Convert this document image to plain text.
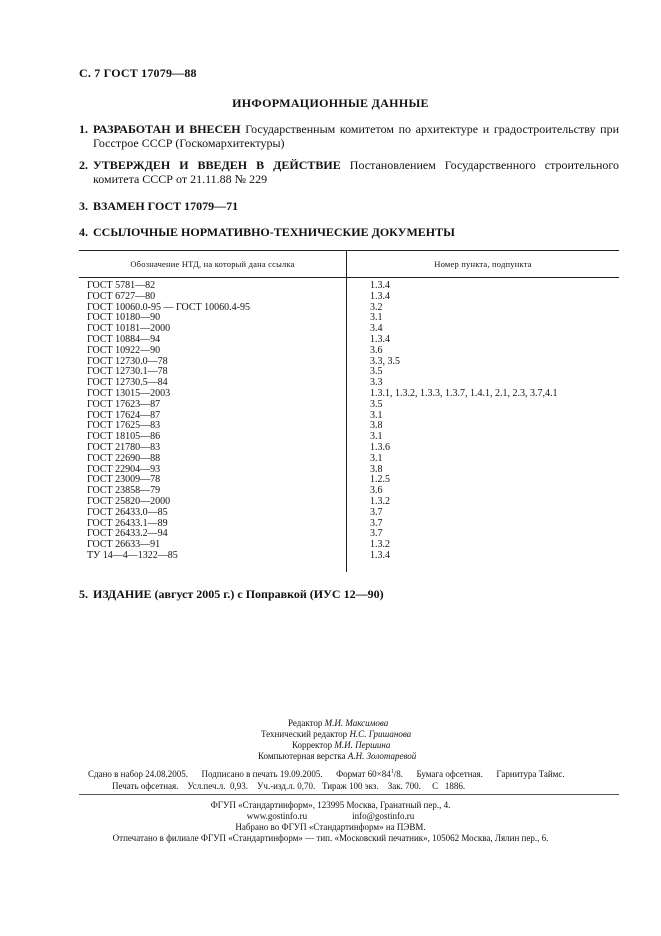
С. 7 ГОСТ 17079—88
ИНФОРМАЦИОННЫЕ ДАННЫЕ
1. РАЗРАБОТАН И ВНЕСЕН Государственным комитетом по архитектуре и градостроительству при Госстрое СССР (Госкомархитектуры)
2. УТВЕРЖДЕН И ВВЕДЕН В ДЕЙСТВИЕ Постановлением Государственного строительного комитета СССР от 21.11.88 № 229
3. ВЗАМЕН ГОСТ 17079—71
4. ССЫЛОЧНЫЕ НОРМАТИВНО-ТЕХНИЧЕСКИЕ ДОКУМЕНТЫ
Обозначение НТД, на который дана ссылка	Номер пункта, подпункта
ГОСТ 5781—82	1.3.4
ГОСТ 6727—80	1.3.4
ГОСТ 10060.0-95 — ГОСТ 10060.4-95	3.2
ГОСТ 10180—90	3.1
ГОСТ 10181—2000	3.4
ГОСТ 10884—94	1.3.4
ГОСТ 10922—90	3.6
ГОСТ 12730.0—78	3.3, 3.5
ГОСТ 12730.1—78	3.5
ГОСТ 12730.5—84	3.3
ГОСТ 13015—2003	1.3.1, 1.3.2, 1.3.3, 1.3.7, 1.4.1, 2.1, 2.3, 3.7,4.1
ГОСТ 17623—87	3.5
ГОСТ 17624—87	3.1
ГОСТ 17625—83	3.8
ГОСТ 18105—86	3.1
ГОСТ 21780—83	1.3.6
ГОСТ 22690—88	3.1
ГОСТ 22904—93	3.8
ГОСТ 23009—78	1.2.5
ГОСТ 23858—79	3.6
ГОСТ 25820—2000	1.3.2
ГОСТ 26433.0—85	3.7
ГОСТ 26433.1—89	3.7
ГОСТ 26433.2—94	3.7
ГОСТ 26633—91	1.3.2
ТУ 14—4—1322—85	1.3.4
5. ИЗДАНИЕ (август 2005 г.) с Поправкой (ИУС 12—90)
Редактор М.И. Максимова
Технический редактор Н.С. Гришанова
Корректор М.И. Першина
Компьютерная верстка А.Н. Золотаревой
Сдано в набор 24.08.2005.      Подписано в печать 19.09.2005.      Формат $60\times 84^1/8$.      Бумага офсетная.      Гарнитура Таймс.
Печать офсетная.    Усл.печ.л.  0,93.    Уч.-изд.л. 0,70.   Тираж 100 экз.    Зак. 700.     С   1886.
ФГУП «Стандартинформ», 123995 Москва, Гранатный пер., 4.
www.gostinfo.ru                    info@gostinfo.ru
Набрано во ФГУП «Стандартинформ» на ПЭВМ.
Отпечатано в филиале ФГУП «Стандартинформ» — тип. «Московский печатник», 105062 Москва, Лялин пер., 6.
